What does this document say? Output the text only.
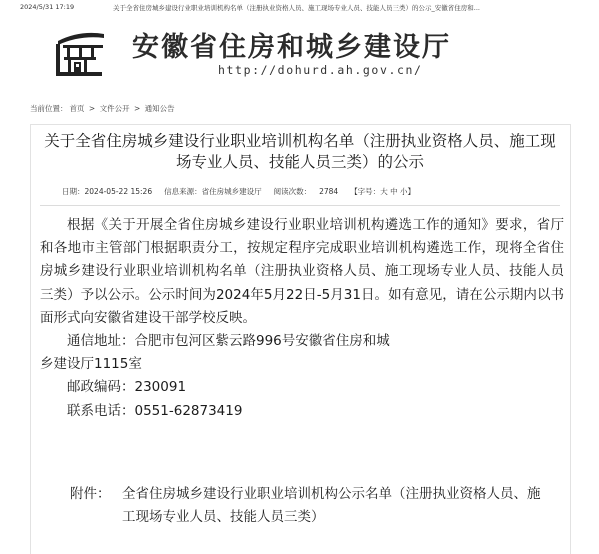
2024/5/31 17:19	关于全省住房城乡建设行业职业培训机构名单（注册执业资格人员、施工现场专业人员、技能人员三类）的公示_安徽省住房和...
安徽省住房和城乡建设厅
http://dohurd.ah.gov.cn/
当前位置： 首页 > 文件公开 > 通知公告
关于全省住房城乡建设行业职业培训机构名单（注册执业资格人员、施工现场专业人员、技能人员三类）的公示
日期：2024-05-22 15:26 信息来源：省住房城乡建设厅 阅读次数： 2784 【字号：大 中 小】

根据《关于开展全省住房城乡建设行业职业培训机构遴选工作的通知》要求，省厅和各地市主管部门根据职责分工，按规定程序完成职业培训机构遴选工作，现将全省住房城乡建设行业职业培训机构名单（注册执业资格人员、施工现场专业人员、技能人员三类）予以公示。公示时间为2024年5月22日-5月31日。如有意见，请在公示期内以书面形式向安徽省建设干部学校反映。

通信地址：合肥市包河区紫云路996号安徽省住房和城

乡建设厅1115室

邮政编码：230091

联系电话：0551-62873419

附件： 全省住房城乡建设行业职业培训机构公示名单（注册执业资格人员、施工现场专业人员、技能人员三类）
